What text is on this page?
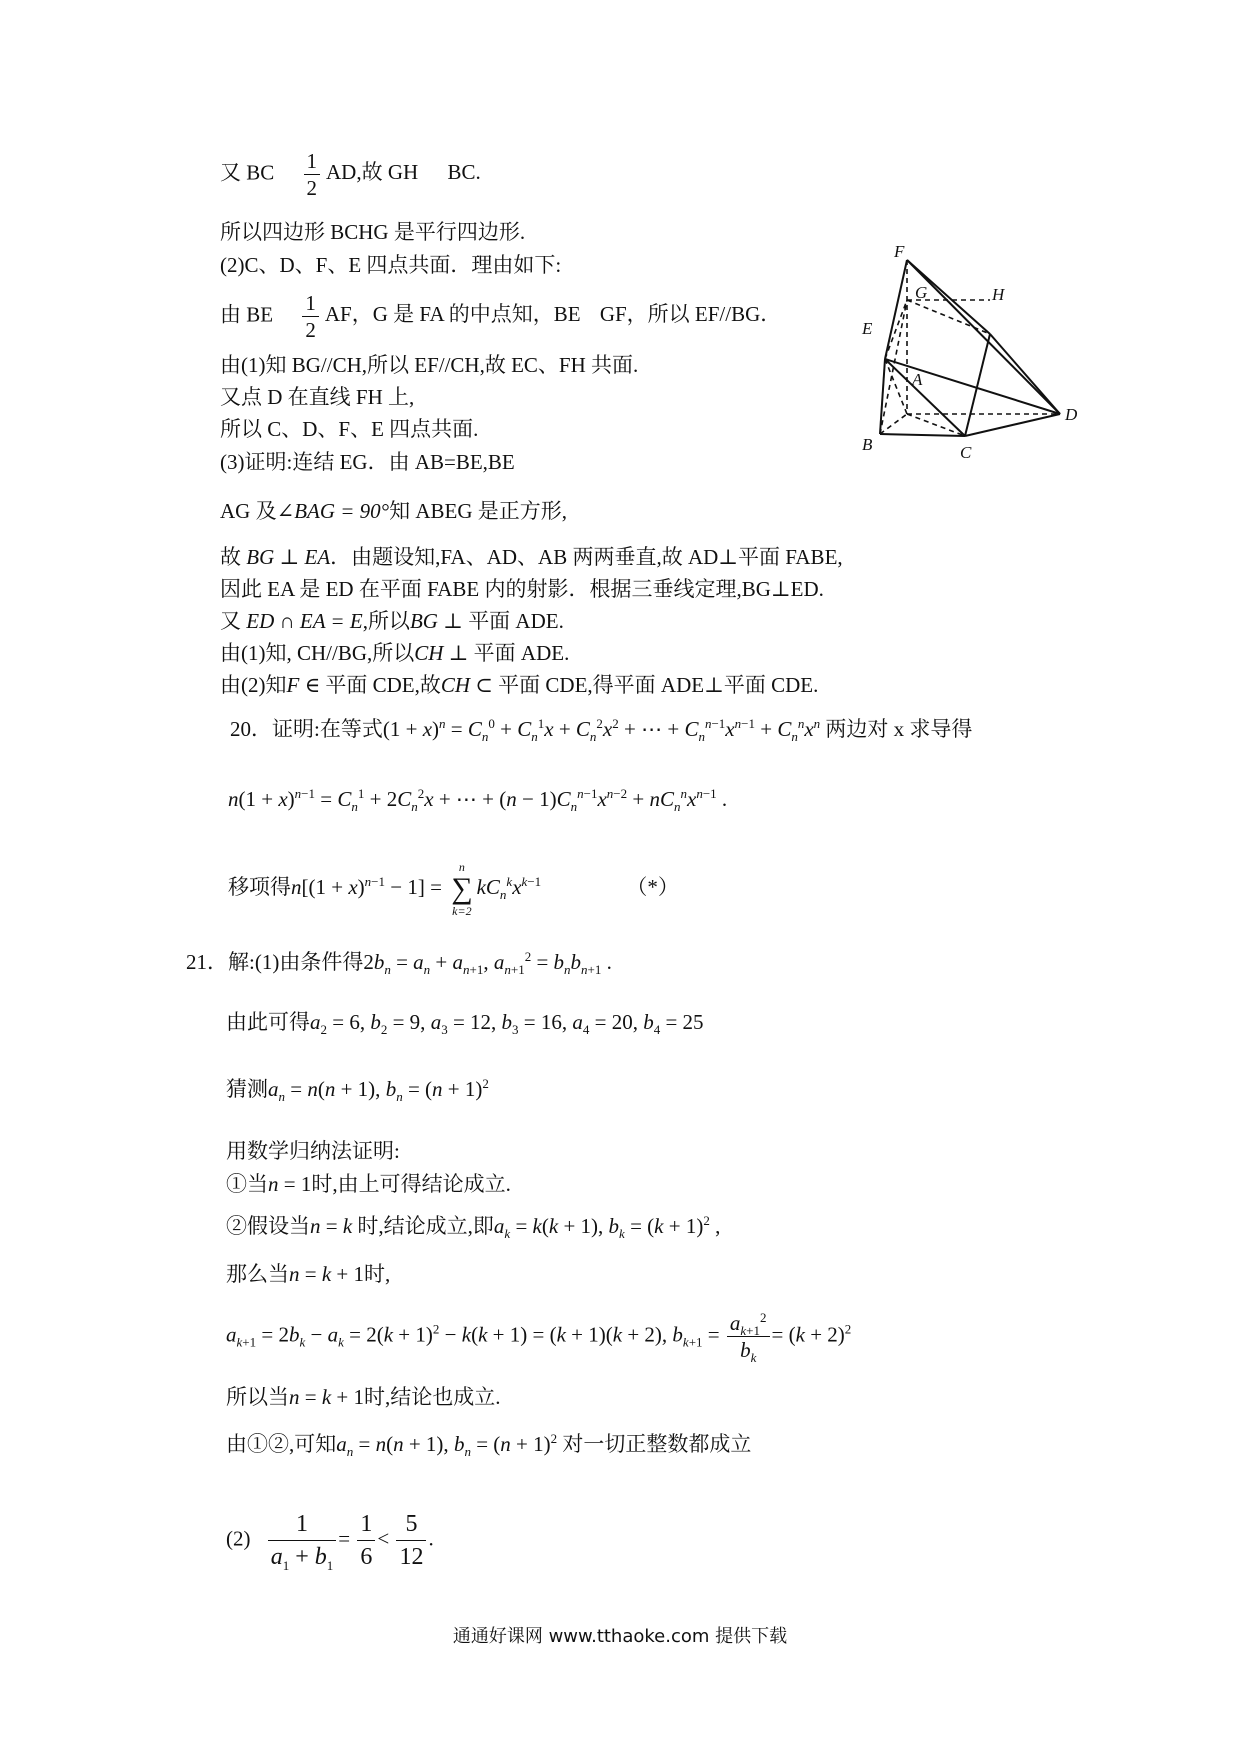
又 BC $\frac{1}{2}$ AD,故 GH BC.
所以四边形 BCHG 是平行四边形.
(2)C、D、F、E 四点共面．理由如下:
由 BE $\frac{1}{2}$ AF，G 是 FA 的中点知，BE GF，所以 EF//BG．
由(1)知 BG//CH,所以 EF//CH,故 EC、FH 共面.
又点 D 在直线 FH 上,
所以 C、D、F、E 四点共面.
(3)证明:连结 EG．由 AB=BE,BE
AG 及∠BAG = 90°知 ABEG 是正方形,
故 BG ⊥ EA．由题设知,FA、AD、AB 两两垂直,故 AD⊥平面 FABE,
因此 EA 是 ED 在平面 FABE 内的射影．根据三垂线定理,BG⊥ED.
又 ED ∩ EA = E,所以BG ⊥ 平面 ADE.
由(1)知, CH//BG,所以CH ⊥ 平面 ADE.
由(2)知F ∈ 平面 CDE,故CH ⊂ 平面 CDE,得平面 ADE⊥平面 CDE.
20．证明:在等式$(1 + x)^n = C_n^0 + C_n^1x + C_n^2x^2$ + ⋯ + $C_n^{n-1}x^{n-1} + C_n^nx^n$ 两边对 x 求导得
$n(1 + x)^{n-1} = C_n^1 + 2C_n^2x$ + ⋯ + $(n - 1)C_n^{n-1}x^{n-2} + nC_n^nx^{n-1}$ .
移项得$n[(1 + x)^{n-1} - 1]$ =
n
∑
k=2
$kC_n^kx^{k-1}$	（*）
21．解:(1)由条件得$2b_n = a_n + a_{n+1}$, $a_{n+1}^2 = b_nb_{n+1}$ .
由此可得$a_2 = 6$, $b_2 = 9$, $a_3 = 12$, $b_3 = 16$, $a_4 = 20$, $b_4 = 25$
猜测$a_n = n(n + 1)$, $b_n = (n + 1)^2$
用数学归纳法证明:
①当n = 1时,由上可得结论成立.
②假设当n = k 时,结论成立,即$a_k = k(k + 1)$, $b_k = (k + 1)^2$ ,
那么当n = k + 1时,
$a_{k+1} = 2b_k - a_k = 2(k + 1)^2 - k(k + 1) = (k + 1)(k + 2)$, $b_{k+1} = \frac{a_{k+1}^2}{b_k} = (k + 2)^2$
所以当n = k + 1时,结论也成立.
由①②,可知$a_n = n(n + 1)$, $b_n = (n + 1)^2$ 对一切正整数都成立
$(2) \frac{1}{a_1 + b_1} = \frac{1}{6} < \frac{5}{12}$ .
F
G	H
E
A
D
B	C
通通好课网 www.tthaoke.com 提供下载
